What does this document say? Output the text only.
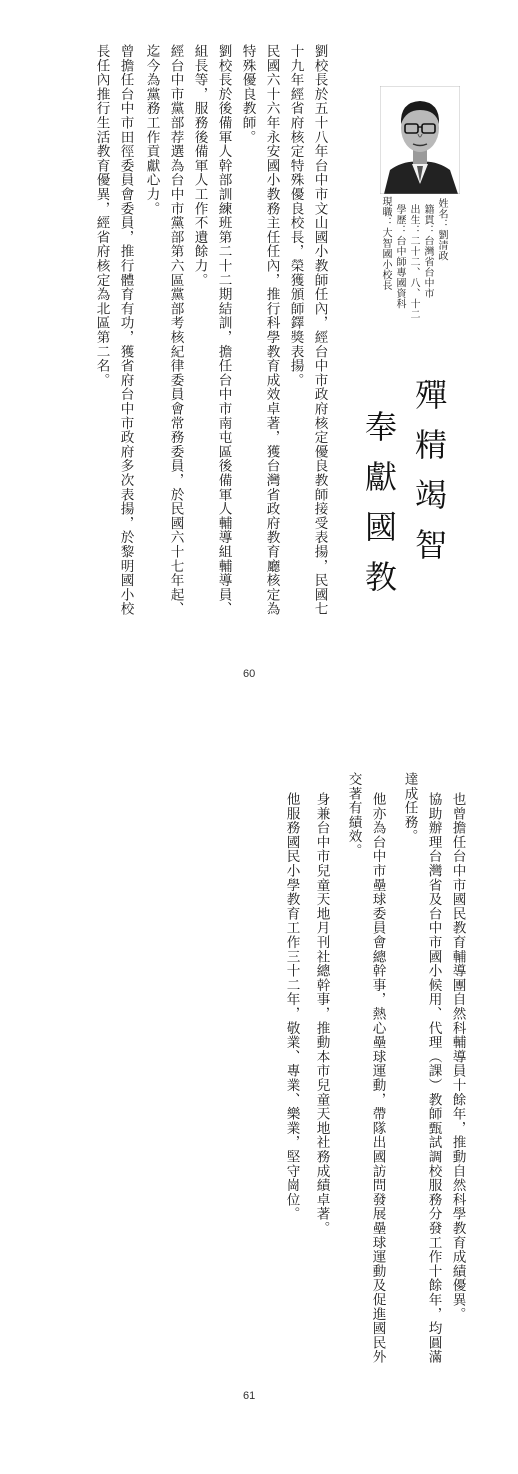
姓名：劉清政
籍貫：台灣省台中市
出生：二十二、八、十二
學歷：台中師專國資科
現職：大智國小校長
殫精竭智
奉獻國教
劉校長於五十八年台中市文山國小教師任內，經台中市政府核定優良教師接受表揚，民國七
十九年經省府核定特殊優良校長，榮獲頒師鐸獎表揚。
民國六十六年永安國小教務主任任內，推行科學教育成效卓著，獲台灣省政府教育廳核定為
特殊優良教師。
劉校長於後備軍人幹部訓練班第二十二期結訓，擔任台中市南屯區後備軍人輔導組輔導員、
組長等，服務後備軍人工作不遺餘力。
經台中市黨部荐選為台中市黨部第六區黨部考核紀律委員會常務委員，於民國六十七年起、
迄今為黨務工作貢獻心力。
曾擔任台中市田徑委員會委員，推行體育有功，獲省府台中市政府多次表揚，於黎明國小校
長任內推行生活教育優異，經省府核定為北區第二名。
60
也曾擔任台中市國民教育輔導團自然科輔導員十餘年，推動自然科學教育成績優異。
協助辦理台灣省及台中市國小候用、代理（課）教師甄試調校服務分發工作十餘年，均圓滿
達成任務。
他亦為台中市壘球委員會總幹事，熱心壘球運動，帶隊出國訪問發展壘球運動及促進國民外
交著有績效。
身兼台中市兒童天地月刊社總幹事，推動本市兒童天地社務成績卓著。
他服務國民小學教育工作三十二年，敬業、專業、樂業，堅守崗位。
61
